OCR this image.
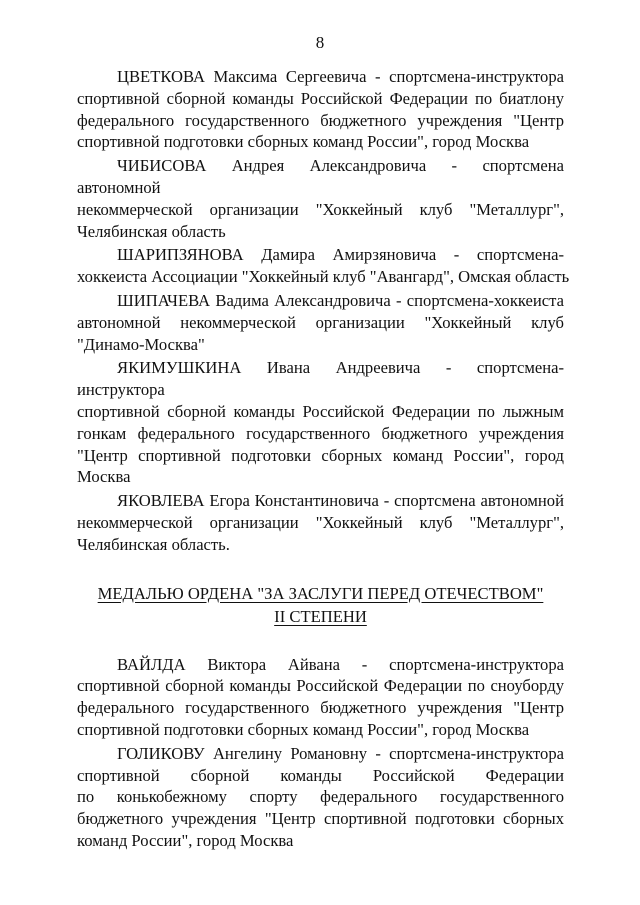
8
ЦВЕТКОВА Максима Сергеевича - спортсмена-инструктора
спортивной сборной команды Российской Федерации по биатлону
федерального государственного бюджетного учреждения "Центр
спортивной подготовки сборных команд России", город Москва
ЧИБИСОВА Андрея Александровича - спортсмена автономной
некоммерческой организации "Хоккейный клуб "Металлург",
Челябинская область
ШАРИПЗЯНОВА Дамира Амирзяновича - спортсмена-
хоккеиста Ассоциации "Хоккейный клуб "Авангард", Омская область
ШИПАЧЕВА Вадима Александровича - спортсмена-хоккеиста
автономной некоммерческой организации "Хоккейный клуб
"Динамо-Москва"
ЯКИМУШКИНА Ивана Андреевича - спортсмена-инструктора
спортивной сборной команды Российской Федерации по лыжным
гонкам федерального государственного бюджетного учреждения
"Центр спортивной подготовки сборных команд России", город
Москва
ЯКОВЛЕВА Егора Константиновича - спортсмена автономной
некоммерческой организации "Хоккейный клуб "Металлург",
Челябинская область.
МЕДАЛЬЮ ОРДЕНА "ЗА ЗАСЛУГИ ПЕРЕД ОТЕЧЕСТВОМ"
II СТЕПЕНИ
ВАЙЛДА Виктора Айвана - спортсмена-инструктора
спортивной сборной команды Российской Федерации по сноуборду
федерального государственного бюджетного учреждения "Центр
спортивной подготовки сборных команд России", город Москва
ГОЛИКОВУ Ангелину Романовну - спортсмена-инструктора
спортивной сборной команды Российской Федерации
по конькобежному спорту федерального государственного
бюджетного учреждения "Центр спортивной подготовки сборных
команд России", город Москва
